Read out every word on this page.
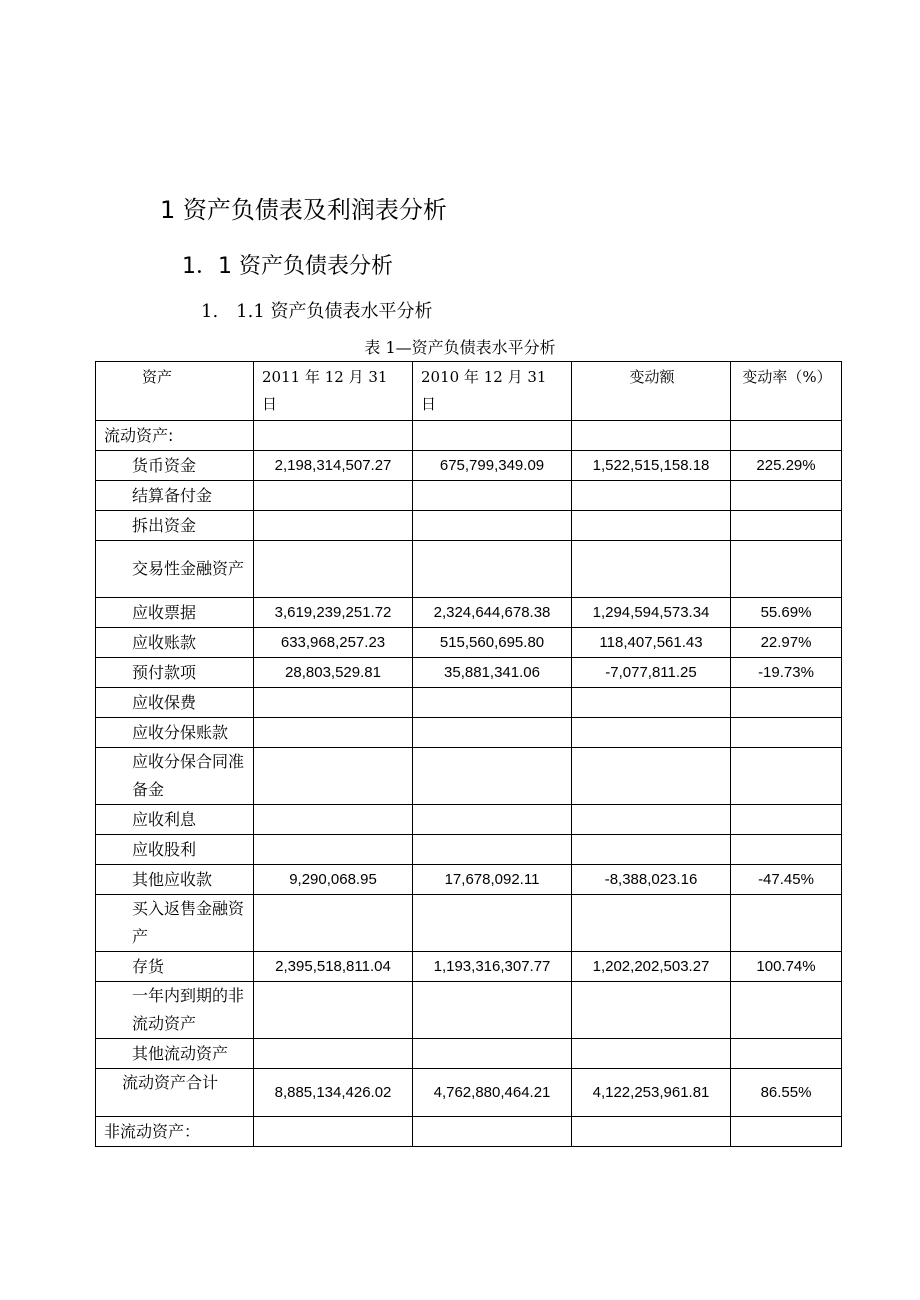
1 资产负债表及利润表分析
1．1 资产负债表分析
1.　1.1 资产负债表水平分析
表 1—资产负债表水平分析
资产	2011 年 12 月 31 日	2010 年 12 月 31 日	变动额	变动率（%）
流动资产:				
货币资金	2,198,314,507.27	675,799,349.09	1,522,515,158.18	225.29%
结算备付金				
拆出资金				
交易性金融资产				
应收票据	3,619,239,251.72	2,324,644,678.38	1,294,594,573.34	55.69%
应收账款	633,968,257.23	515,560,695.80	118,407,561.43	22.97%
预付款项	28,803,529.81	35,881,341.06	-7,077,811.25	-19.73%
应收保费				
应收分保账款				
应收分保合同准备金				
应收利息				
应收股利				
其他应收款	9,290,068.95	17,678,092.11	-8,388,023.16	-47.45%
买入返售金融资产				
存货	2,395,518,811.04	1,193,316,307.77	1,202,202,503.27	100.74%
一年内到期的非流动资产				
其他流动资产				
流动资产合计	8,885,134,426.02	4,762,880,464.21	4,122,253,961.81	86.55%
非流动资产：				
